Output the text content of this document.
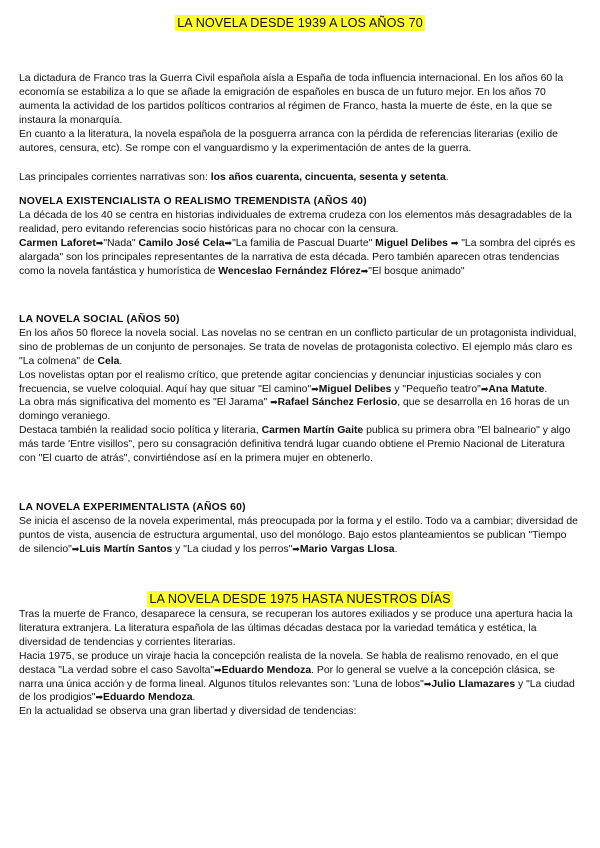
LA NOVELA DESDE 1939 A LOS AÑOS 70

La dictadura de Franco tras la Guerra Civil española aísla a España de toda influencia internacional. En los años 60 la economía se estabiliza a lo que se añade la emigración de españoles en busca de un futuro mejor. En los años 70 aumenta la actividad de los partidos políticos contrarios al régimen de Franco, hasta la muerte de éste, en la que se instaura la monarquía.

En cuanto a la literatura, la novela española de la posguerra arranca con la pérdida de referencias literarias (exilio de autores, censura, etc). Se rompe con el vanguardismo y la experimentación de antes de la guerra.

Las principales corrientes narrativas son: los años cuarenta, cincuenta, sesenta y setenta.

NOVELA EXISTENCIALISTA O REALISMO TREMENDISTA (AÑOS 40)

La década de los 40 se centra en historias individuales de extrema crudeza con los elementos más desagradables de la realidad, pero evitando referencias socio históricas para no chocar con la censura.

Carmen Laforet➡"Nada" Camilo José Cela➡"La familia de Pascual Duarte" Miguel Delibes ➡ "La sombra del ciprés es alargada" son los principales representantes de la narrativa de esta década. Pero también aparecen otras tendencias como la novela fantástica y humorística de Wenceslao Fernández Flórez➡"El bosque animado"

LA NOVELA SOCIAL (AÑOS 50)

En los años 50 florece la novela social. Las novelas no se centran en un conflicto particular de un protagonista individual, sino de problemas de un conjunto de personajes. Se trata de novelas de protagonista colectivo. El ejemplo más claro es "La colmena" de Cela.

Los novelistas optan por el realismo crítico, que pretende agitar conciencias y denunciar injusticias sociales y con frecuencia, se vuelve coloquial. Aquí hay que situar "El camino"➡Miguel Delibes y "Pequeño teatro"➡Ana Matute.

La obra más significativa del momento es "El Jarama" ➡Rafael Sánchez Ferlosio, que se desarrolla en 16 horas de un domingo veraniego.

Destaca también la realidad socio política y literaria, Carmen Martín Gaite publica su primera obra "El balneario" y algo más tarde 'Entre visillos", pero su consagración definitiva tendrá lugar cuando obtiene el Premio Nacional de Literatura con "El cuarto de atrás", convirtiéndose así en la primera mujer en obtenerlo.

LA NOVELA EXPERIMENTALISTA (AÑOS 60)

Se inicia el ascenso de la novela experimental, más preocupada por la forma y el estilo. Todo va a cambiar; diversidad de puntos de vista, ausencia de estructura argumental, uso del monólogo. Bajo estos planteamientos se publican "Tiempo de silencio"➡Luis Martín Santos y "La ciudad y los perros"➡Mario Vargas Llosa.

LA NOVELA DESDE 1975 HASTA NUESTROS DÍAS

Tras la muerte de Franco, desaparece la censura, se recuperan los autores exiliados y se produce una apertura hacia la literatura extranjera. La literatura española de las últimas décadas destaca por la variedad temática y estética, la diversidad de tendencias y corrientes literarias.

Hacia 1975, se produce un viraje hacia la concepción realista de la novela. Se habla de realismo renovado, en el que destaca "La verdad sobre el caso Savolta"➡Eduardo Mendoza. Por lo general se vuelve a la concepción clásica, se narra una única acción y de forma lineal. Algunos títulos relevantes son: 'Luna de lobos"➡Julio Llamazares y "La ciudad de los prodigios"➡Eduardo Mendoza.

En la actualidad se observa una gran libertad y diversidad de tendencias:
